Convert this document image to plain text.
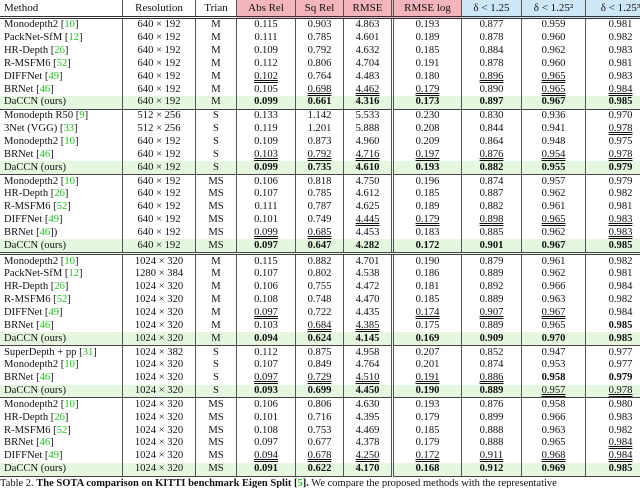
Method	Resolution	Trian	Abs Rel	Sq Rel	RMSE	RMSE log	δ < 1.25	δ < 1.25²	δ < 1.25³
Monodepth2 [10]	640 × 192	M	0.115	0.903	4.863	0.193	0.877	0.959	0.981
PackNet-SfM [12]	640 × 192	M	0.111	0.785	4.601	0.189	0.878	0.960	0.982
HR-Depth [26]	640 × 192	M	0.109	0.792	4.632	0.185	0.884	0.962	0.983
R-MSFM6 [52]	640 × 192	M	0.112	0.806	4.704	0.191	0.878	0.960	0.981
DIFFNet [49]	640 × 192	M	0.102	0.764	4.483	0.180	0.896	0.965	0.983
BRNet [46]	640 × 192	M	0.105	0.698	4.462	0.179	0.890	0.965	0.984
DaCCN (ours)	640 × 192	M	0.099	0.661	4.316	0.173	0.897	0.967	0.985
Monodepth R50 [9]	512 × 256	S	0.133	1.142	5.533	0.230	0.830	0.936	0.970
3Net (VGG) [33]	512 × 256	S	0.119	1.201	5.888	0.208	0.844	0.941	0.978
Monodepth2 [10]	640 × 192	S	0.109	0.873	4.960	0.209	0.864	0.948	0.975
BRNet [46]	640 × 192	S	0.103	0.792	4.716	0.197	0.876	0.954	0.978
DaCCN (ours)	640 × 192	S	0.099	0.735	4.610	0.193	0.882	0.955	0.979
Monodepth2 [10]	640 × 192	MS	0.106	0.818	4.750	0.196	0.874	0.957	0.979
HR-Depth [26]	640 × 192	MS	0.107	0.785	4.612	0.185	0.887	0.962	0.982
R-MSFM6 [52]	640 × 192	MS	0.111	0.787	4.625	0.189	0.882	0.961	0.981
DIFFNet [49]	640 × 192	MS	0.101	0.749	4.445	0.179	0.898	0.965	0.983
BRNet [46])	640 × 192	MS	0.099	0.685	4.453	0.183	0.885	0.962	0.983
DaCCN (ours)	640 × 192	MS	0.097	0.647	4.282	0.172	0.901	0.967	0.985
Monodepth2 [10]	1024 × 320	M	0.115	0.882	4.701	0.190	0.879	0.961	0.982
PackNet-SfM [12]	1280 × 384	M	0.107	0.802	4.538	0.186	0.889	0.962	0.981
HR-Depth [26]	1024 × 320	M	0.106	0.755	4.472	0.181	0.892	0.966	0.984
R-MSFM6 [52]	1024 × 320	M	0.108	0.748	4.470	0.185	0.889	0.963	0.982
DIFFNet [49]	1024 × 320	M	0.097	0.722	4.435	0.174	0.907	0.967	0.984
BRNet [46]	1024 × 320	M	0.103	0.684	4.385	0.175	0.889	0.965	0.985
DaCCN (ours)	1024 × 320	M	0.094	0.624	4.145	0.169	0.909	0.970	0.985
SuperDepth + pp [31]	1024 × 382	S	0.112	0.875	4.958	0.207	0.852	0.947	0.977
Monodepth2 [10]	1024 × 320	S	0.107	0.849	4.764	0.201	0.874	0.953	0.977
BRNet [46]	1024 × 320	S	0.097	0.729	4.510	0.191	0.886	0.958	0.979
DaCCN (ours)	1024 × 320	S	0.093	0.699	4.450	0.190	0.889	0.957	0.978
Monodepth2 [10]	1024 × 320	MS	0.106	0.806	4.630	0.193	0.876	0.958	0.980
HR-Depth [26]	1024 × 320	MS	0.101	0.716	4.395	0.179	0.899	0.966	0.983
R-MSFM6 [52]	1024 × 320	MS	0.108	0.753	4.469	0.185	0.888	0.963	0.982
BRNet [46]	1024 × 320	MS	0.097	0.677	4.378	0.179	0.888	0.965	0.984
DIFFNet [49]	1024 × 320	MS	0.094	0.678	4.250	0.172	0.911	0.968	0.984
DaCCN (ours)	1024 × 320	MS	0.091	0.622	4.170	0.168	0.912	0.969	0.985
Table 2. The SOTA comparison on KITTI benchmark Eigen Split [5]. We compare the proposed methods with the representative
